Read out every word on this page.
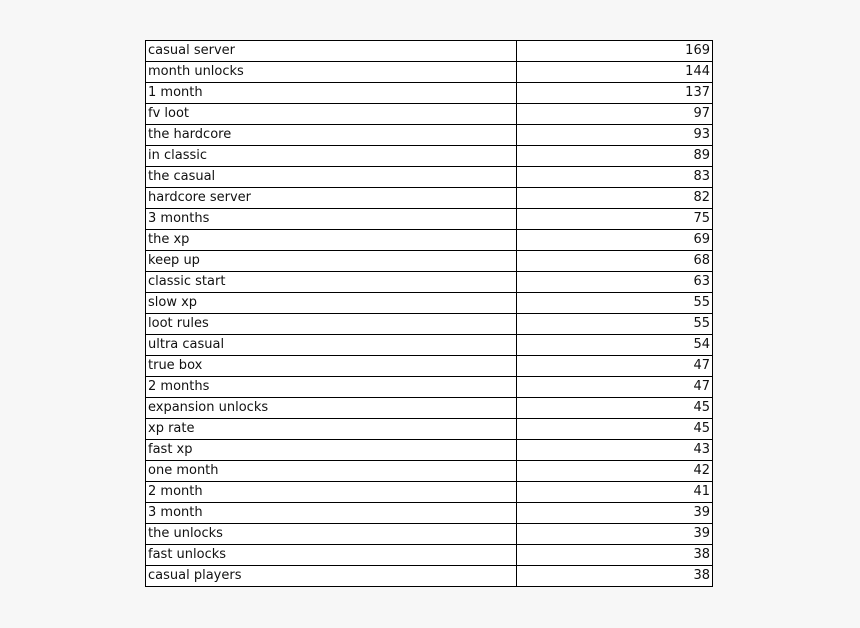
casual server	169
month unlocks	144
1 month	137
fv loot	97
the hardcore	93
in classic	89
the casual	83
hardcore server	82
3 months	75
the xp	69
keep up	68
classic start	63
slow xp	55
loot rules	55
ultra casual	54
true box	47
2 months	47
expansion unlocks	45
xp rate	45
fast xp	43
one month	42
2 month	41
3 month	39
the unlocks	39
fast unlocks	38
casual players	38
